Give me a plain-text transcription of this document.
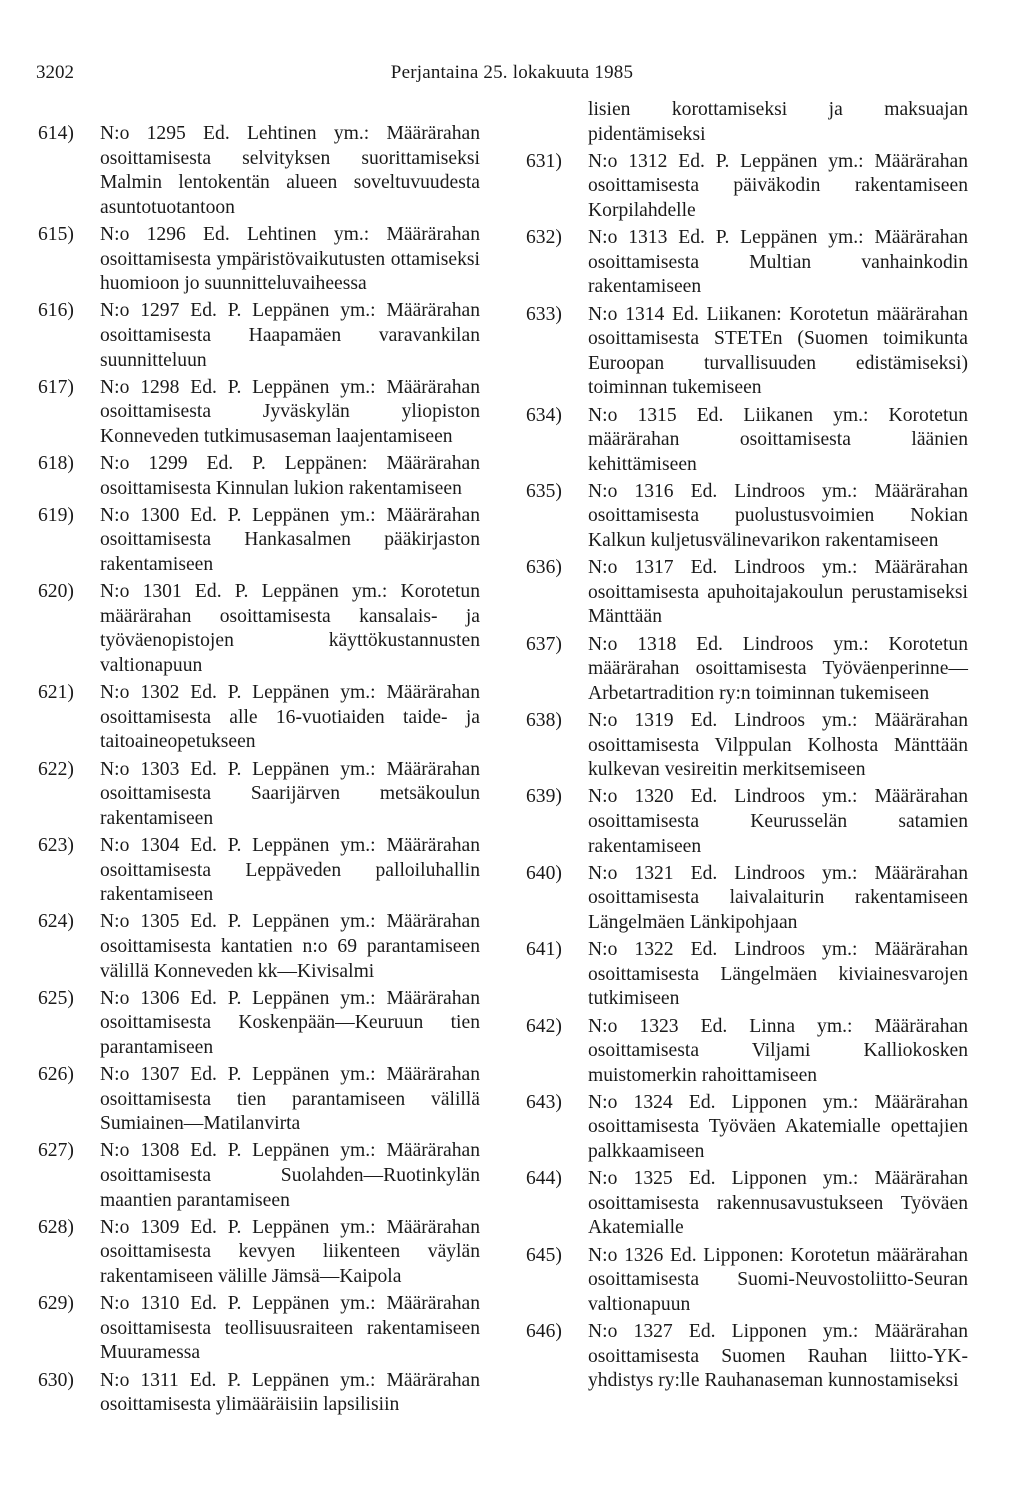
3202	Perjantaina 25. lokakuuta 1985
614) N:o 1295 Ed. Lehtinen ym.: Määrärahan osoittamisesta selvityksen suorittamiseksi Malmin lentokentän alueen soveltuvuudesta asuntotuotantoon
615) N:o 1296 Ed. Lehtinen ym.: Määrärahan osoittamisesta ympäristövaikutusten ottamiseksi huomioon jo suunnitteluvaiheessa
616) N:o 1297 Ed. P. Leppänen ym.: Määrärahan osoittamisesta Haapamäen varavankilan suunnitteluun
617) N:o 1298 Ed. P. Leppänen ym.: Määrärahan osoittamisesta Jyväskylän yliopiston Konneveden tutkimusaseman laajentamiseen
618) N:o 1299 Ed. P. Leppänen: Määrärahan osoittamisesta Kinnulan lukion rakentamiseen
619) N:o 1300 Ed. P. Leppänen ym.: Määrärahan osoittamisesta Hankasalmen pääkirjaston rakentamiseen
620) N:o 1301 Ed. P. Leppänen ym.: Korotetun määrärahan osoittamisesta kansalais- ja työväenopistojen käyttökustannusten valtionapuun
621) N:o 1302 Ed. P. Leppänen ym.: Määrärahan osoittamisesta alle 16-vuotiaiden taide- ja taitoaineopetukseen
622) N:o 1303 Ed. P. Leppänen ym.: Määrärahan osoittamisesta Saarijärven metsäkoulun rakentamiseen
623) N:o 1304 Ed. P. Leppänen ym.: Määrärahan osoittamisesta Leppäveden palloiluhallin rakentamiseen
624) N:o 1305 Ed. P. Leppänen ym.: Määrärahan osoittamisesta kantatien n:o 69 parantamiseen välillä Konneveden kk—Kivisalmi
625) N:o 1306 Ed. P. Leppänen ym.: Määrärahan osoittamisesta Koskenpään—Keuruun tien parantamiseen
626) N:o 1307 Ed. P. Leppänen ym.: Määrärahan osoittamisesta tien parantamiseen välillä Sumiainen—Matilanvirta
627) N:o 1308 Ed. P. Leppänen ym.: Määrärahan osoittamisesta Suolahden—Ruotinkylän maantien parantamiseen
628) N:o 1309 Ed. P. Leppänen ym.: Määrärahan osoittamisesta kevyen liikenteen väylän rakentamiseen välille Jämsä—Kaipola
629) N:o 1310 Ed. P. Leppänen ym.: Määrärahan osoittamisesta teollisuusraiteen rakentamiseen Muuramessa
630) N:o 1311 Ed. P. Leppänen ym.: Määrärahan osoittamisesta ylimääräisiin lapsilisiin
lisien korottamiseksi ja maksuajan pidentämiseksi
631) N:o 1312 Ed. P. Leppänen ym.: Määrärahan osoittamisesta päiväkodin rakentamiseen Korpilahdelle
632) N:o 1313 Ed. P. Leppänen ym.: Määrärahan osoittamisesta Multian vanhainkodin rakentamiseen
633) N:o 1314 Ed. Liikanen: Korotetun määrärahan osoittamisesta STETEn (Suomen toimikunta Euroopan turvallisuuden edistämiseksi) toiminnan tukemiseen
634) N:o 1315 Ed. Liikanen ym.: Korotetun määrärahan osoittamisesta läänien kehittämiseen
635) N:o 1316 Ed. Lindroos ym.: Määrärahan osoittamisesta puolustusvoimien Nokian Kalkun kuljetusvälinevarikon rakentamiseen
636) N:o 1317 Ed. Lindroos ym.: Määrärahan osoittamisesta apuhoitajakoulun perustamiseksi Mänttään
637) N:o 1318 Ed. Lindroos ym.: Korotetun määrärahan osoittamisesta Työväenperinne—Arbetartradition ry:n toiminnan tukemiseen
638) N:o 1319 Ed. Lindroos ym.: Määrärahan osoittamisesta Vilppulan Kolhosta Mänttään kulkevan vesireitin merkitsemiseen
639) N:o 1320 Ed. Lindroos ym.: Määrärahan osoittamisesta Keurusselän satamien rakentamiseen
640) N:o 1321 Ed. Lindroos ym.: Määrärahan osoittamisesta laivalaiturin rakentamiseen Längelmäen Länkipohjaan
641) N:o 1322 Ed. Lindroos ym.: Määrärahan osoittamisesta Längelmäen kiviainesvarojen tutkimiseen
642) N:o 1323 Ed. Linna ym.: Määrärahan osoittamisesta Viljami Kalliokosken muistomerkin rahoittamiseen
643) N:o 1324 Ed. Lipponen ym.: Määrärahan osoittamisesta Työväen Akatemialle opettajien palkkaamiseen
644) N:o 1325 Ed. Lipponen ym.: Määrärahan osoittamisesta rakennusavustukseen Työväen Akatemialle
645) N:o 1326 Ed. Lipponen: Korotetun määrärahan osoittamisesta Suomi-Neuvostoliitto-Seuran valtionapuun
646) N:o 1327 Ed. Lipponen ym.: Määrärahan osoittamisesta Suomen Rauhan liitto-YK-yhdistys ry:lle Rauhanaseman kunnostamiseksi
